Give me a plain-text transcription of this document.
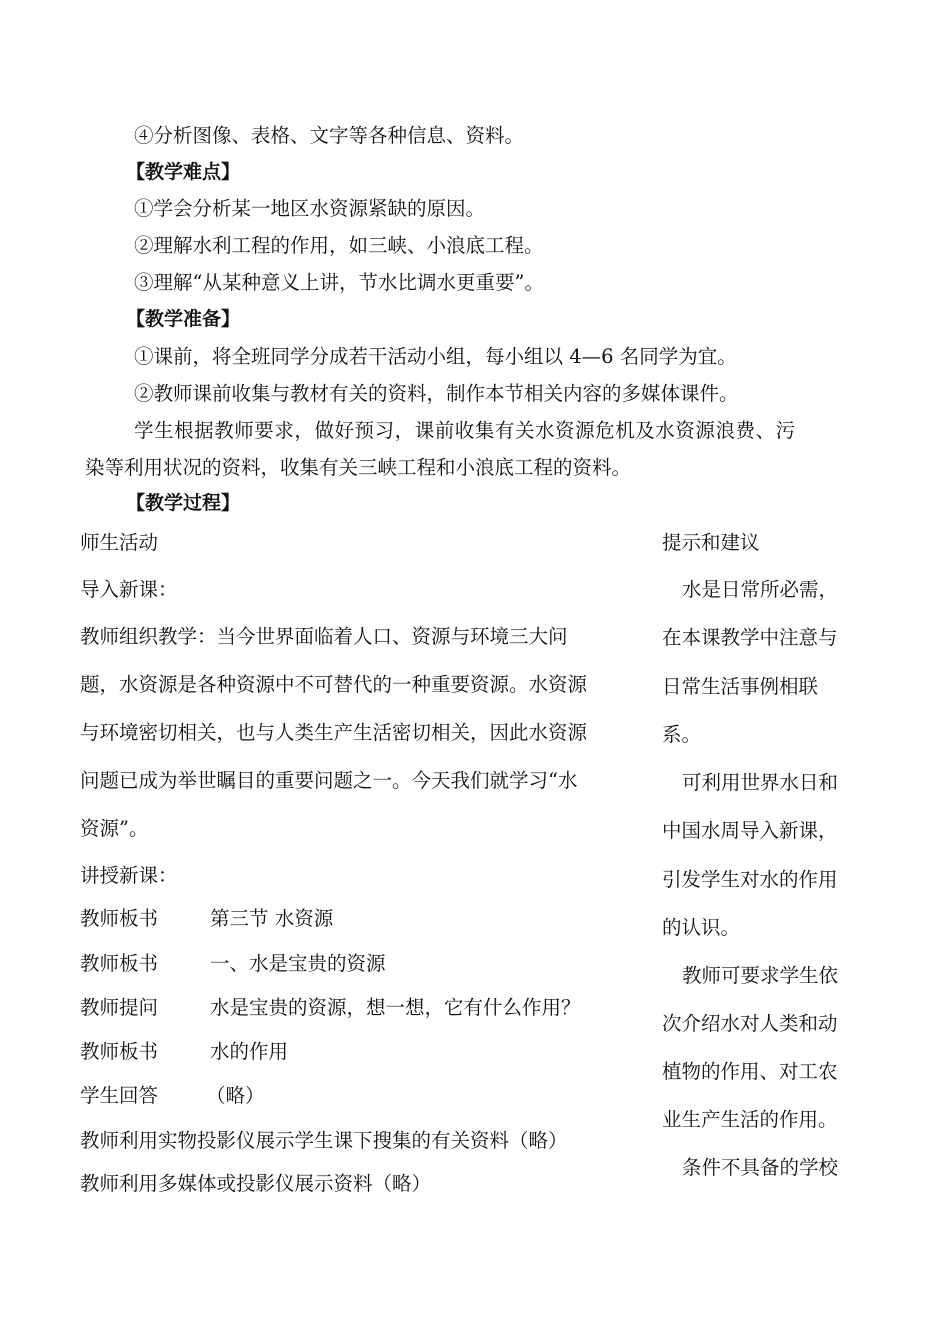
④分析图像、表格、文字等各种信息、资料。
【教学难点】
①学会分析某一地区水资源紧缺的原因。
②理解水利工程的作用，如三峡、小浪底工程。
③理解“从某种意义上讲，节水比调水更重要”。
【教学准备】
①课前，将全班同学分成若干活动小组，每小组以 4—6 名同学为宜。
②教师课前收集与教材有关的资料，制作本节相关内容的多媒体课件。
学生根据教师要求，做好预习，课前收集有关水资源危机及水资源浪费、污
染等利用状况的资料，收集有关三峡工程和小浪底工程的资料。
【教学过程】
师生活动	提示和建议
导入新课：
教师组织教学：当今世界面临着人口、资源与环境三大问
题，水资源是各种资源中不可替代的一种重要资源。水资源
与环境密切相关，也与人类生产生活密切相关，因此水资源
问题已成为举世瞩目的重要问题之一。今天我们就学习“水
资源”。
讲授新课：
教师板书	第三节 水资源
教师板书	一、水是宝贵的资源
教师提问	水是宝贵的资源，想一想，它有什么作用？
教师板书	水的作用
学生回答 （略）
教师利用实物投影仪展示学生课下搜集的有关资料（略）
教师利用多媒体或投影仪展示资料（略）
水是日常所必需，
在本课教学中注意与
日常生活事例相联
系。
可利用世界水日和
中国水周导入新课，
引发学生对水的作用
的认识。
教师可要求学生依
次介绍水对人类和动
植物的作用、对工农
业生产生活的作用。
条件不具备的学校
